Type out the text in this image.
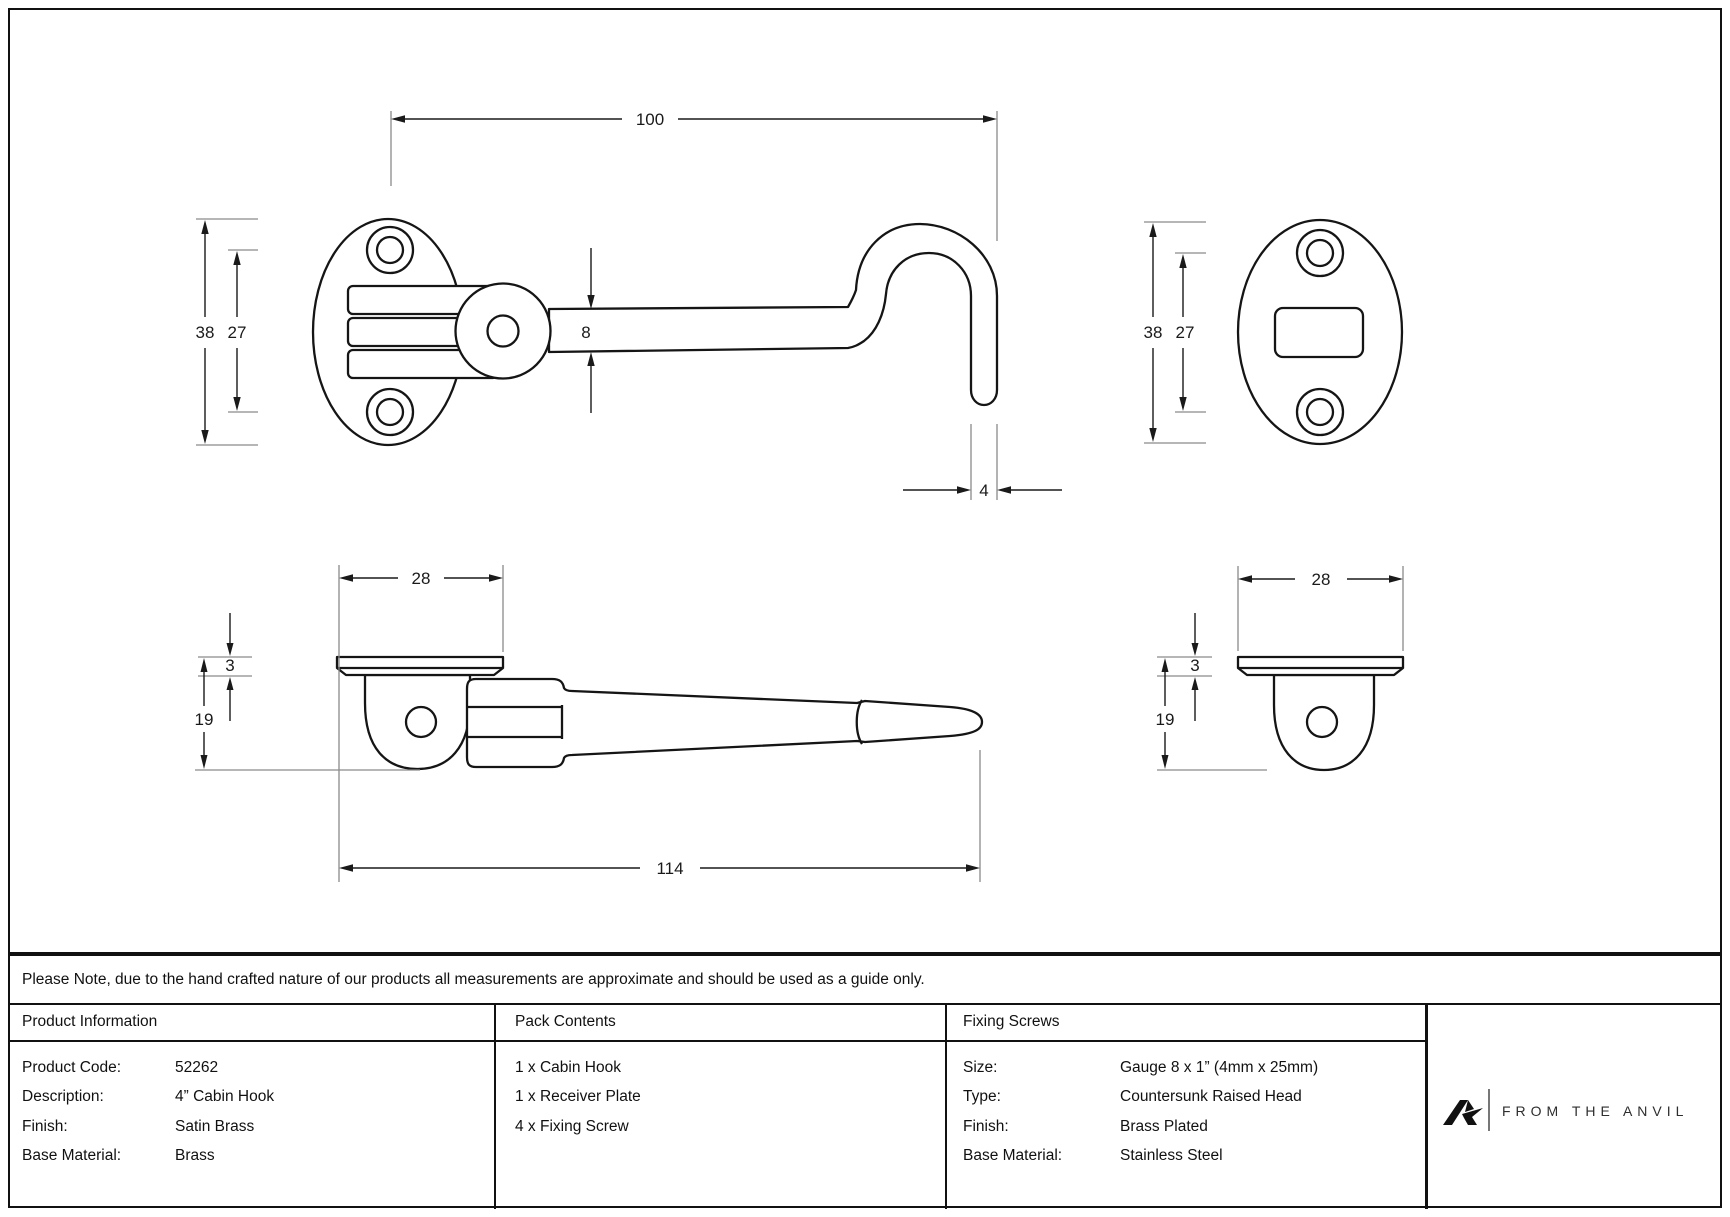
100
38 27	8
4
38 27
28
3
19
114
28
3
19
Please Note, due to the hand crafted nature of our products all measurements are approximate and should be used as a guide only.
Product Information	Pack Contents	Fixing Screws
Product Code:	52262
Description:	4” Cabin Hook
Finish:	Satin Brass
Base Material:	Brass
1 x Cabin Hook
1 x Receiver Plate
4 x Fixing Screw
Size:	Gauge 8 x 1” (4mm x 25mm)
Type:	Countersunk Raised Head
Finish:	Brass Plated
Base Material:	Stainless Steel
FROM THE ANVIL
